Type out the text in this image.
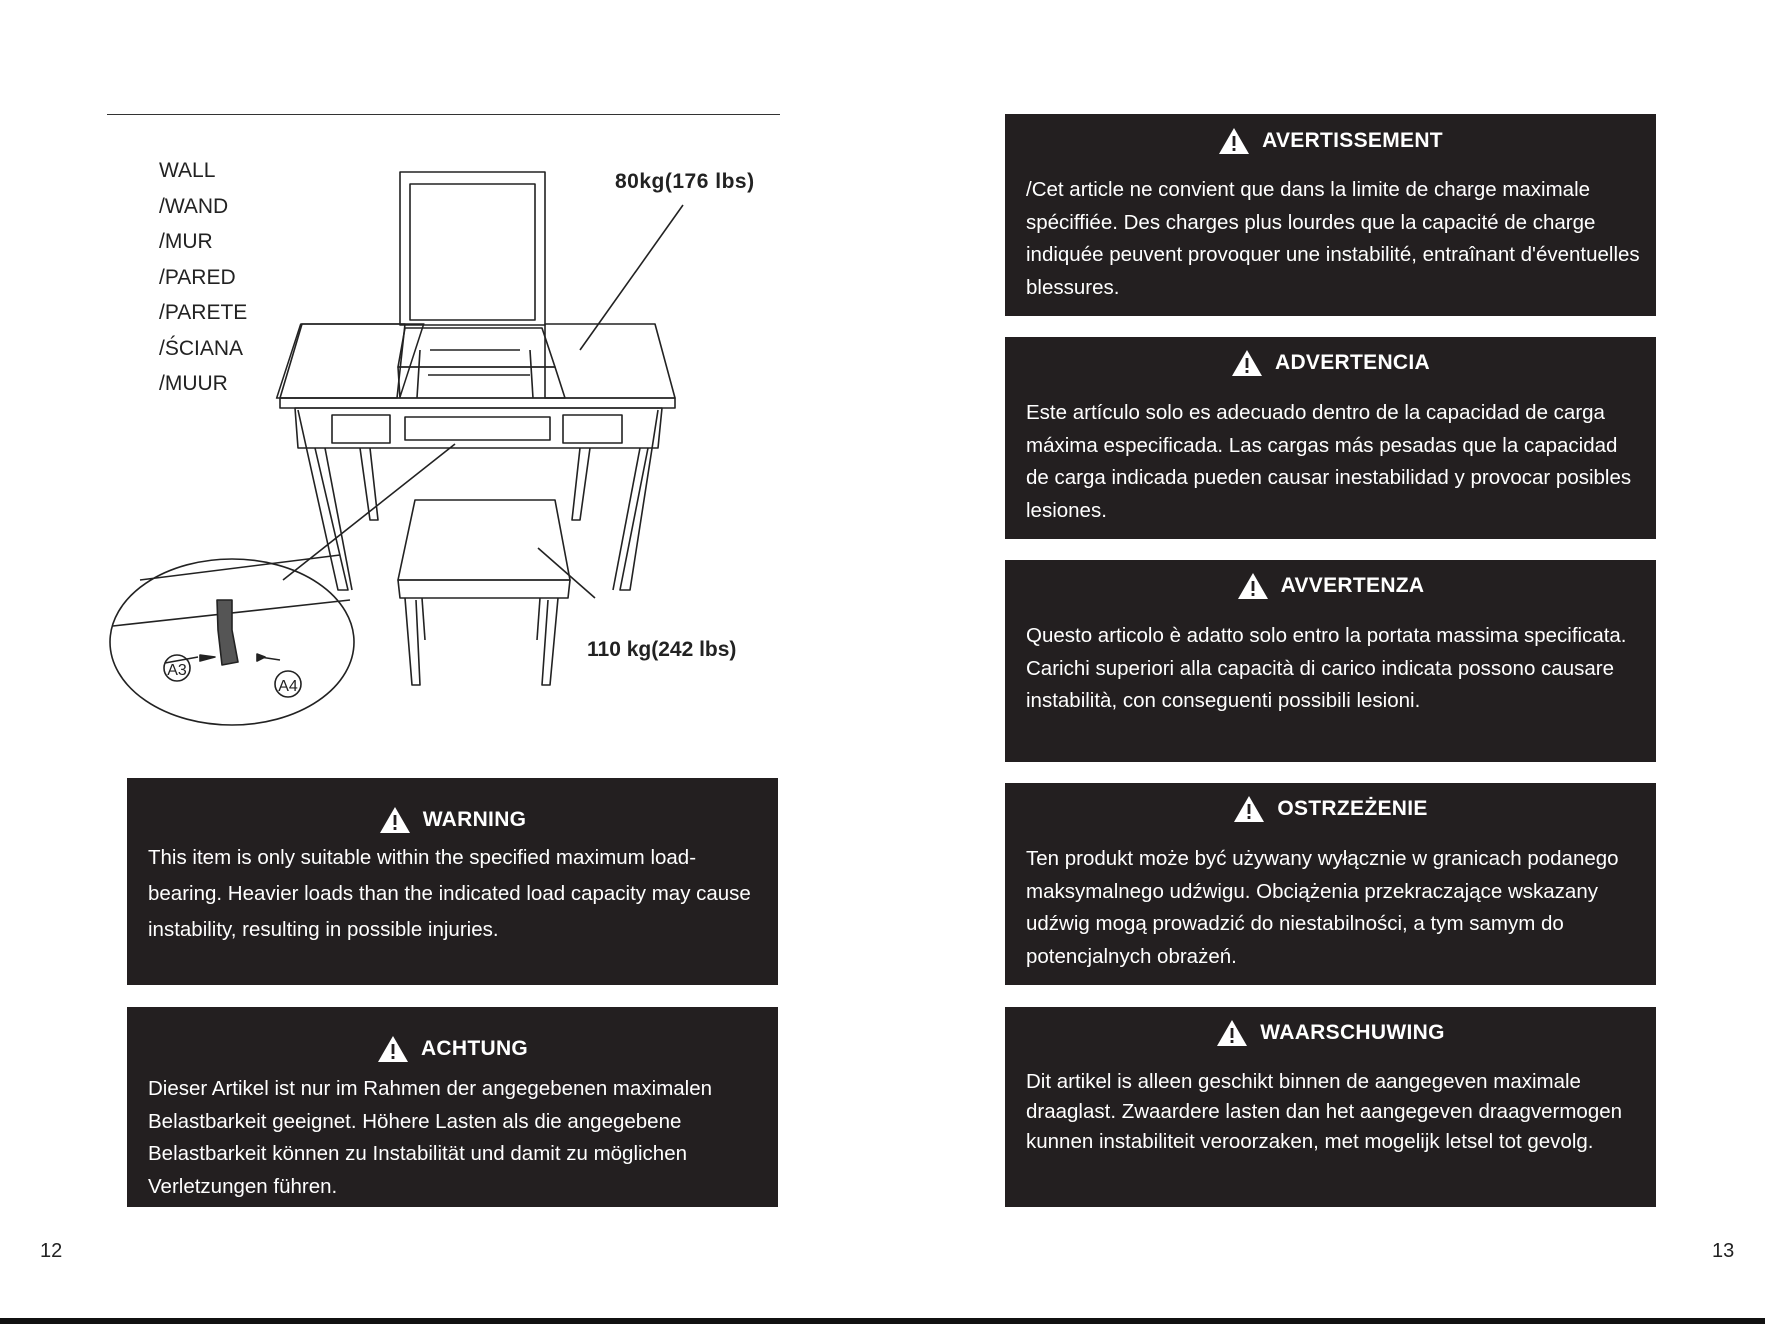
WALL
/WAND
/MUR
/PARED
/PARETE
/ŚCIANA
/MUUR
A3
A4
80kg(176 lbs)
110 kg(242 lbs)
WARNING
This item is only suitable within the specified maximum load-bearing. Heavier loads than the indicated load capacity may cause instability, resulting in possible injuries.
ACHTUNG
Dieser Artikel ist nur im Rahmen der angegebenen maximalen Belastbarkeit geeignet. Höhere Lasten als die angegebene Belastbarkeit können zu Instabilität und damit zu möglichen Verletzungen führen.
AVERTISSEMENT
/Cet article ne convient que dans la limite de charge maximale spéciffiée. Des charges plus lourdes que la capacité de charge indiquée peuvent provoquer une instabilité, entraînant d'éventuelles blessures.
ADVERTENCIA
Este artículo solo es adecuado dentro de la capacidad de carga máxima especificada. Las cargas más pesadas que la capacidad de carga indicada pueden causar inestabilidad y provocar posibles lesiones.
AVVERTENZA
Questo articolo è adatto solo entro la portata massima specificata. Carichi superiori alla capacità di carico indicata possono causare instabilità, con conseguenti possibili lesioni.
OSTRZEŻENIE
Ten produkt może być używany wyłącznie w granicach podanego maksymalnego udźwigu. Obciążenia przekraczające wskazany udźwig mogą prowadzić do niestabilności, a tym samym do potencjalnych obrażeń.
WAARSCHUWING
Dit artikel is alleen geschikt binnen de aangegeven maximale draaglast. Zwaardere lasten dan het aangegeven draagvermogen kunnen instabiliteit veroorzaken, met mogelijk letsel tot gevolg.
12	13
